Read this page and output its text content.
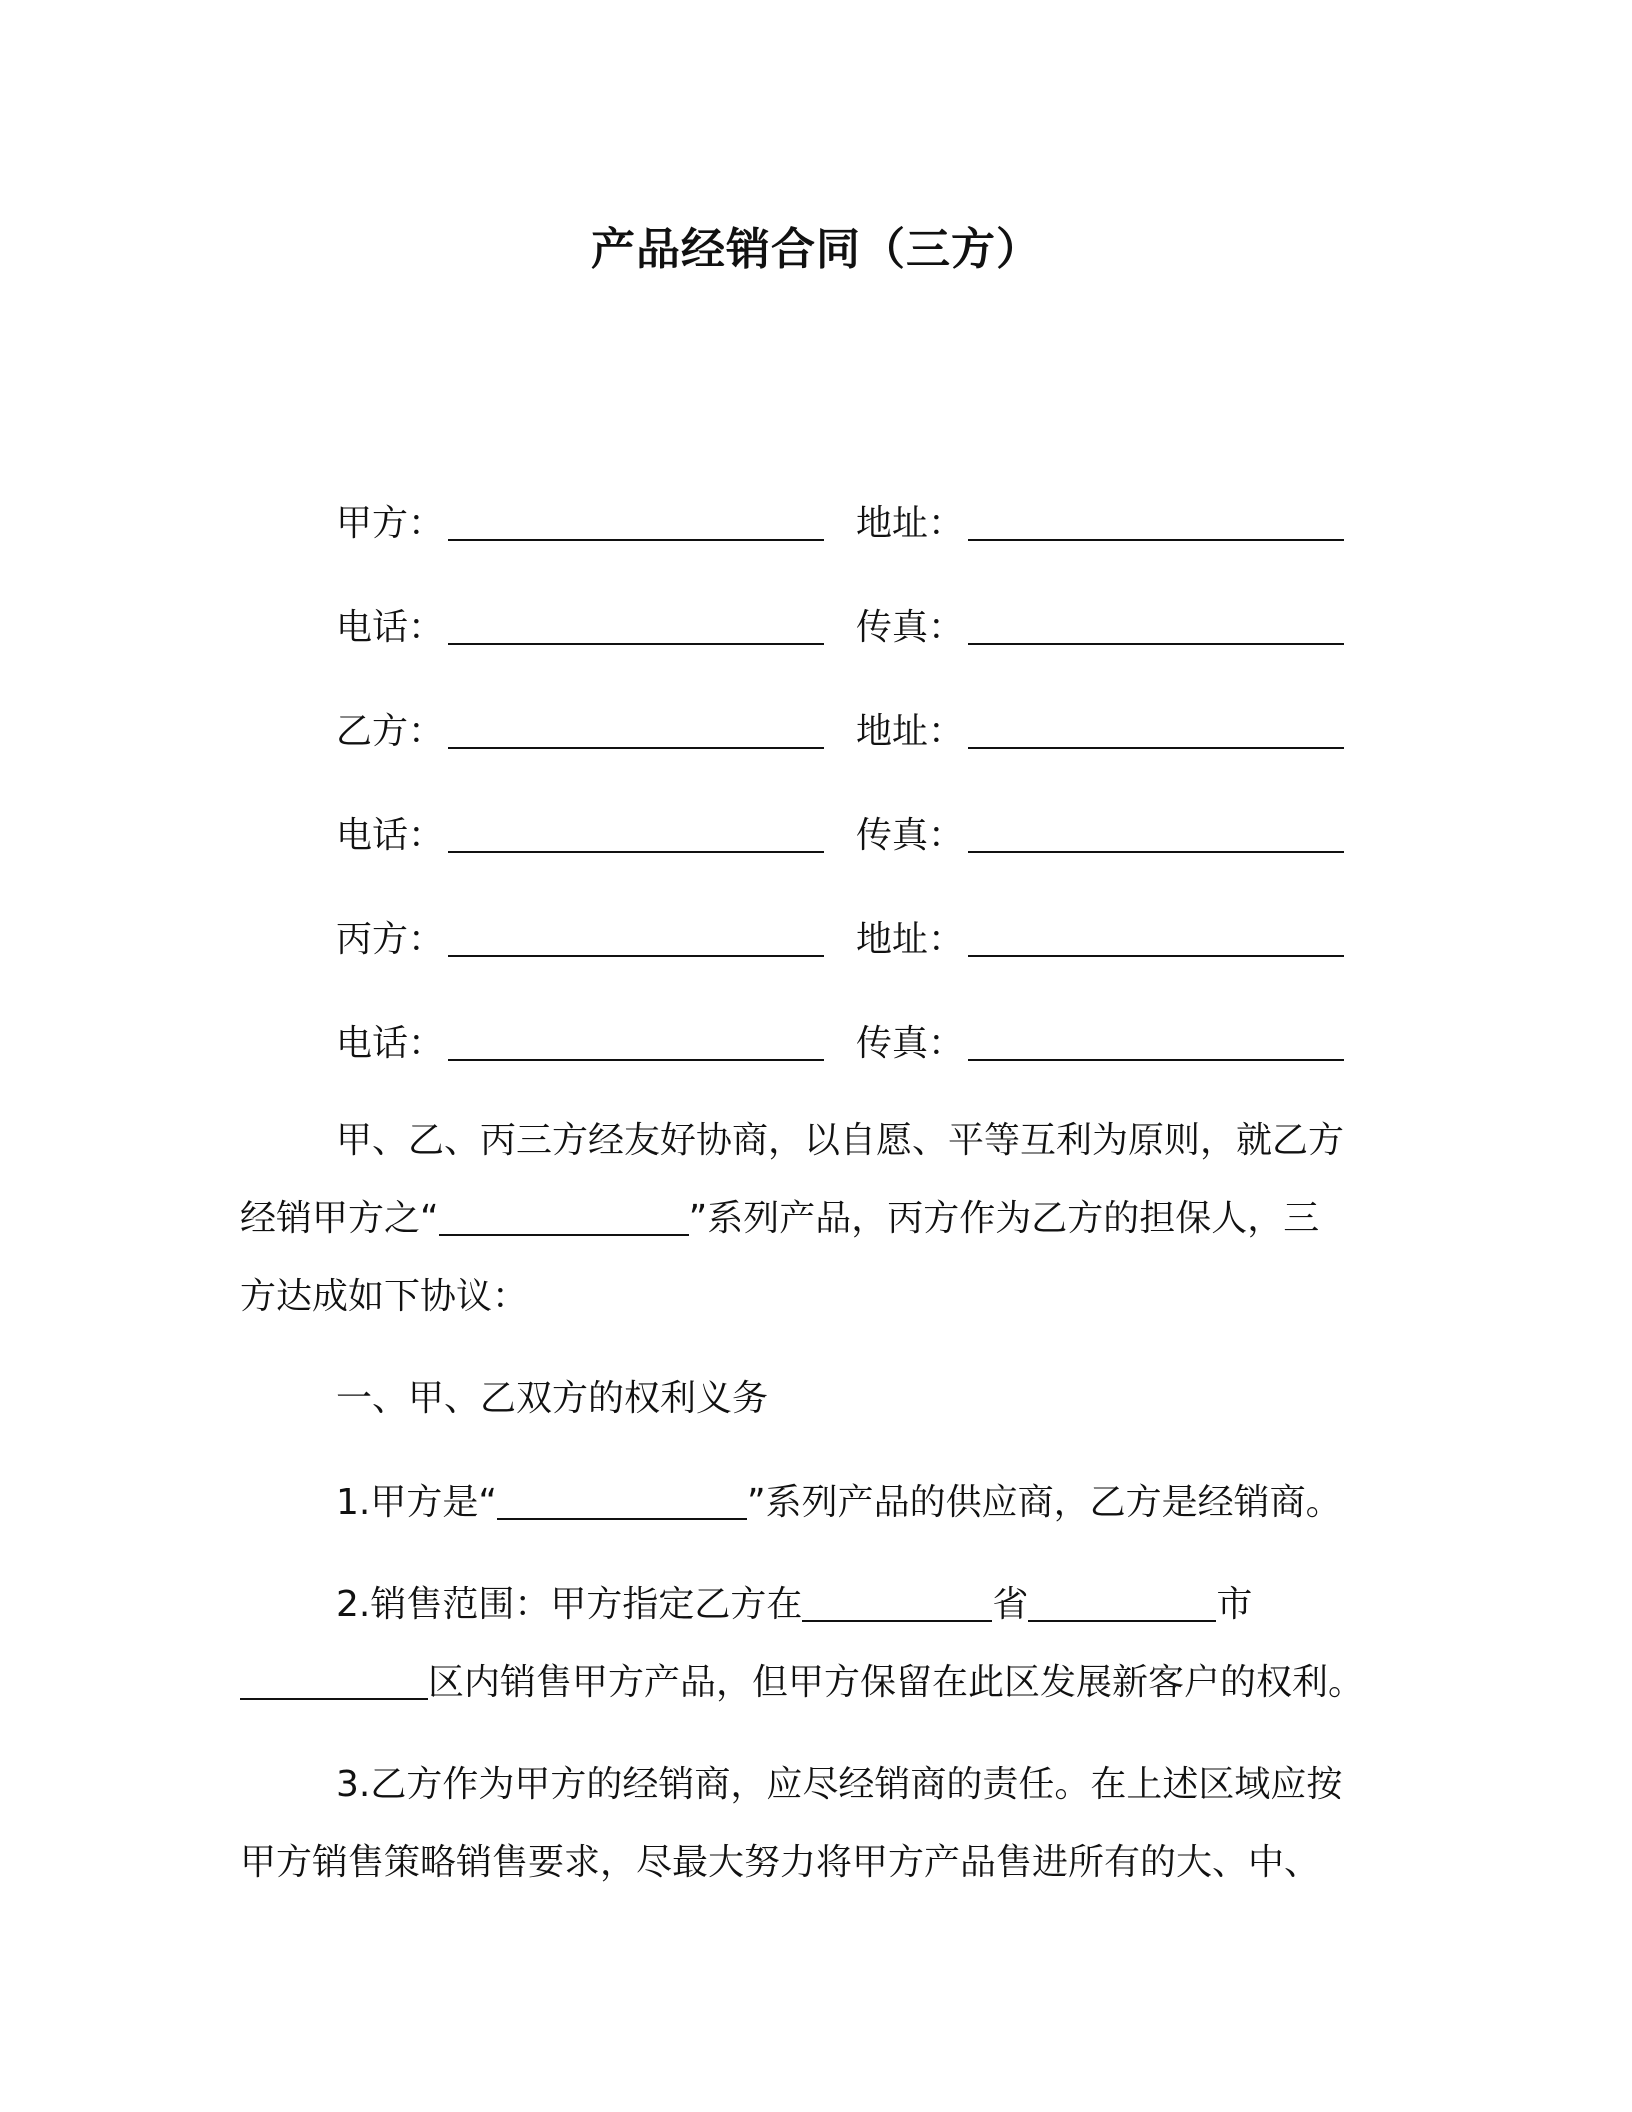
产品经销合同（三方）
甲方：	地址：
电话：	传真：
乙方：	地址：
电话：	传真：
丙方：	地址：
电话：	传真：
甲、乙、丙三方经友好协商，以自愿、平等互利为原则，就乙方
经销甲方之“	”系列产品，丙方作为乙方的担保人，三
方达成如下协议：
一、甲、乙双方的权利义务
1.甲方是“	”系列产品的供应商，乙方是经销商。
2.销售范围：甲方指定乙方在	省	市
区内销售甲方产品，但甲方保留在此区发展新客户的权利。
3.乙方作为甲方的经销商，应尽经销商的责任。在上述区域应按
甲方销售策略销售要求，尽最大努力将甲方产品售进所有的大、中、
